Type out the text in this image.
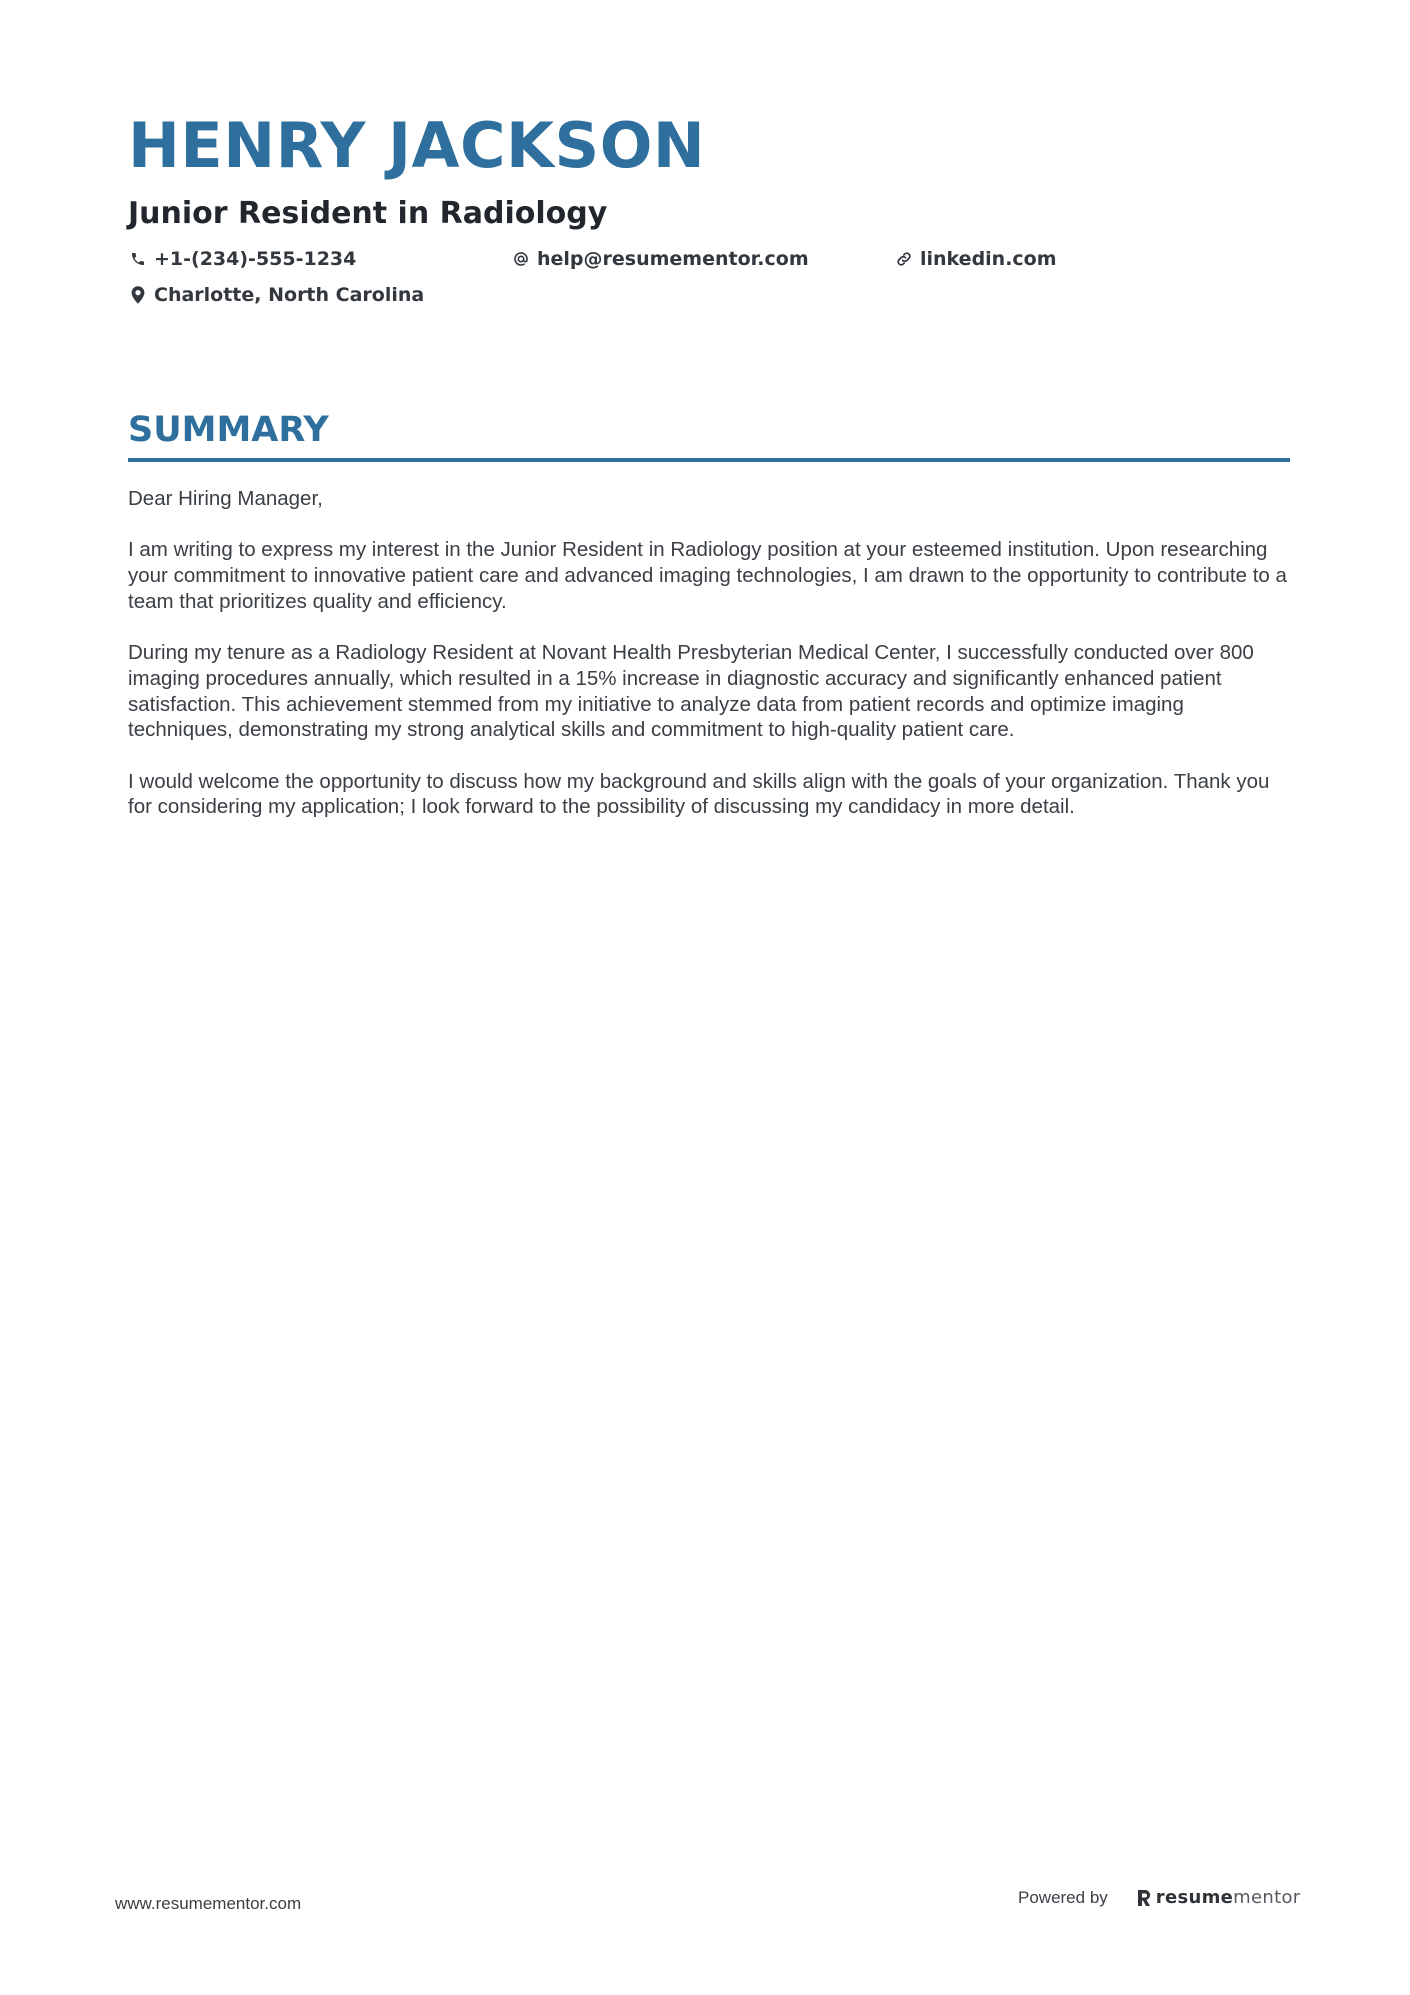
HENRY JACKSON
Junior Resident in Radiology
+1-(234)-555-1234	help@resumementor.com	linkedin.com
Charlotte, North Carolina
SUMMARY

Dear Hiring Manager,

I am writing to express my interest in the Junior Resident in Radiology position at your esteemed institution. Upon researching your commitment to innovative patient care and advanced imaging technologies, I am drawn to the opportunity to contribute to a team that prioritizes quality and efficiency.

During my tenure as a Radiology Resident at Novant Health Presbyterian Medical Center, I successfully conducted over 800 imaging procedures annually, which resulted in a 15% increase in diagnostic accuracy and significantly enhanced patient satisfaction. This achievement stemmed from my initiative to analyze data from patient records and optimize imaging techniques, demonstrating my strong analytical skills and commitment to high-quality patient care.

I would welcome the opportunity to discuss how my background and skills align with the goals of your organization. Thank you for considering my application; I look forward to the possibility of discussing my candidacy in more detail.

www.resumementor.com	Powered by	resume mentor
